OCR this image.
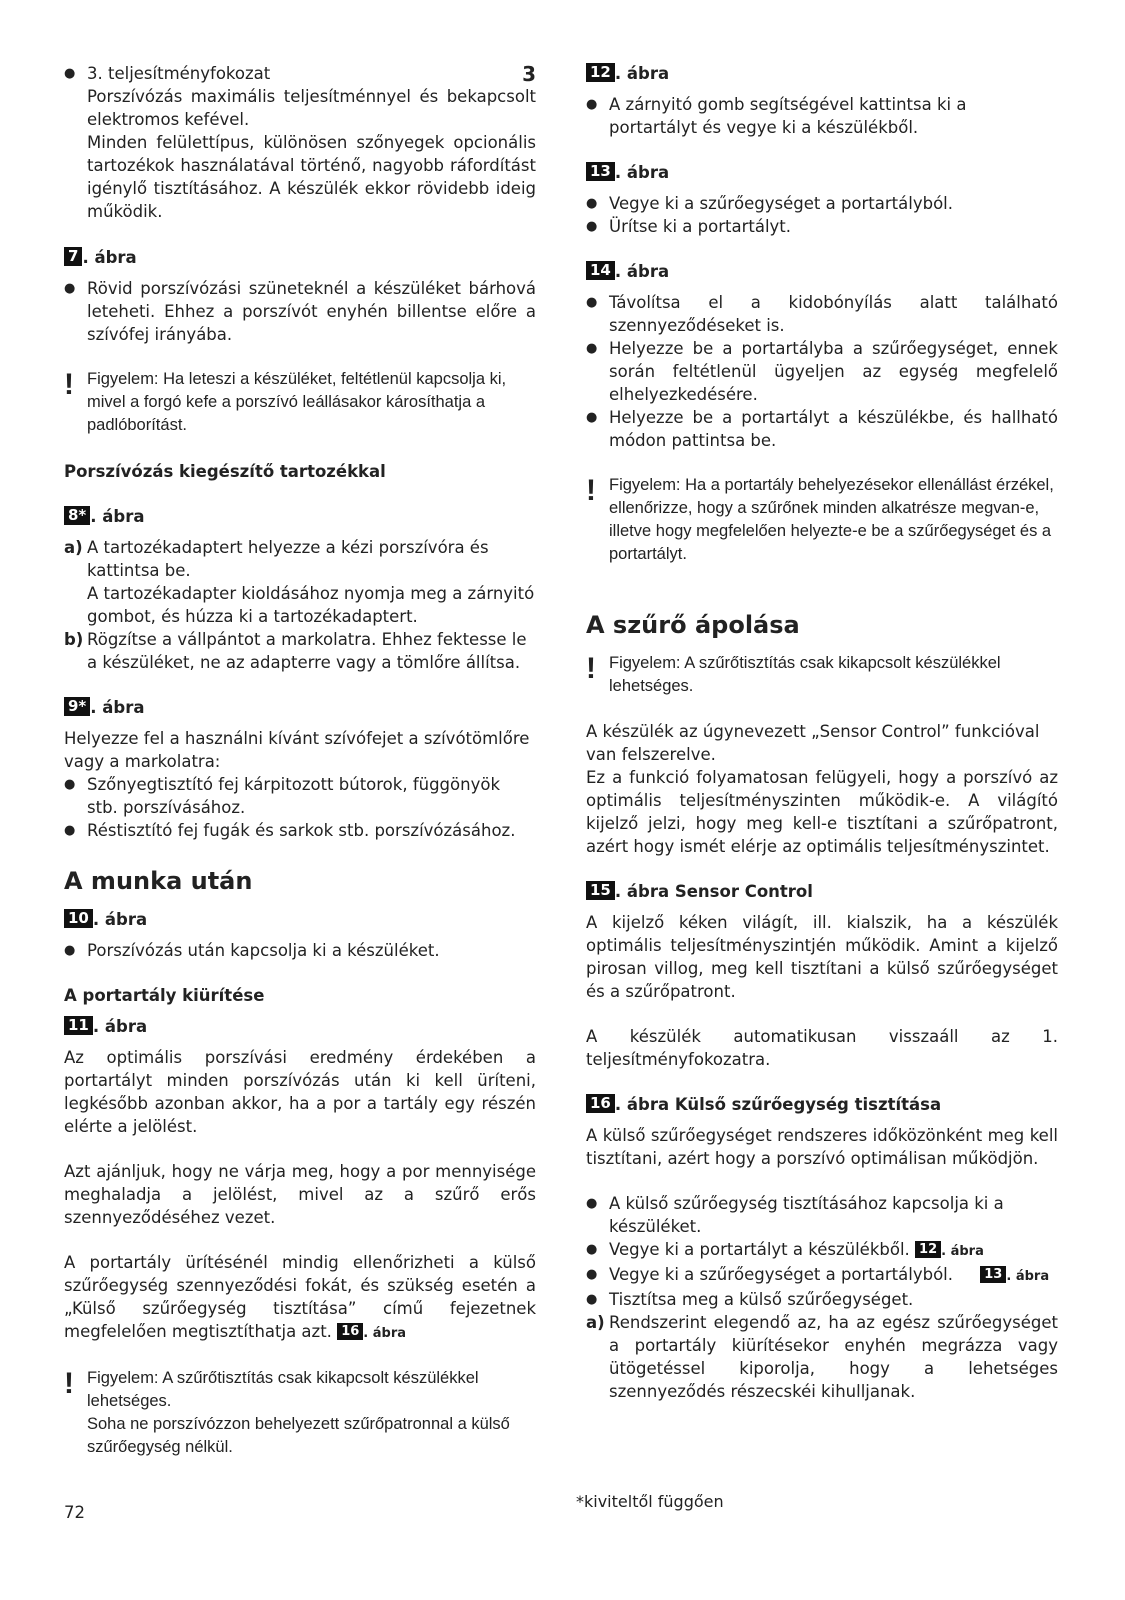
● 3. teljesítményfokozat

Porszívózás maximális teljesítménnyel és bekapcsolt elektromos kefével.

Minden felülettípus, különösen szőnyegek opcionális tartozékok használatával történő, nagyobb ráfordítást igénylő tisztításához. A készülék ekkor rövidebb ideig működik.

3

7 . ábra

● Rövid porszívózási szüneteknél a készüléket bárhová leteheti. Ehhez a porszívót enyhén billentse előre a szívófej irányába.
! Figyelem: Ha leteszi a készüléket, feltétlenül kapcsolja ki, mivel a forgó kefe a porszívó leállásakor károsíthatja a padlóborítást.

Porszívózás kiegészítő tartozékkal

8* . ábra

a) A tartozékadaptert helyezze a kézi porszívóra és kattintsa be.
A tartozékadapter kioldásához nyomja meg a zárnyitó gombot, és húzza ki a tartozékadaptert.
b) Rögzítse a vállpántot a markolatra. Ehhez fektesse le a készüléket, ne az adapterre vagy a tömlőre állítsa.

9* . ábra

Helyezze fel a használni kívánt szívófejet a szívótömlőre vagy a markolatra:

● Szőnyegtisztító fej kárpitozott bútorok, függönyök stb. porszívásához.
● Réstisztító fej fugák és sarkok stb. porszívózásához.

A munka után

10 . ábra

● Porszívózás után kapcsolja ki a készüléket.

A portartály kiürítése

11 . ábra

Az optimális porszívási eredmény érdekében a portartályt minden porszívózás után ki kell üríteni, legkésőbb azonban akkor, ha a por a tartály egy részén elérte a jelölést.

Azt ajánljuk, hogy ne várja meg, hogy a por mennyisége meghaladja a jelölést, mivel az a szűrő erős szennyeződéséhez vezet.

A portartály ürítésénél mindig ellenőrizheti a külső szűrőegység szennyeződési fokát, és szükség esetén a „Külső szűrőegység tisztítása” című fejezetnek megfelelően megtisztíthatja azt. 16 . ábra

! Figyelem: A szűrőtisztítás csak kikapcsolt készülékkel lehetséges.
Soha ne porszívózzon behelyezett szűrőpatronnal a külső szűrőegység nélkül.

12 . ábra

● A zárnyitó gomb segítségével kattintsa ki a portartályt és vegye ki a készülékből.

13 . ábra

● Vegye ki a szűrőegységet a portartályból.
● Ürítse ki a portartályt.

14 . ábra

● Távolítsa el a kidobónyílás alatt található szennyeződéseket is.
● Helyezze be a portartályba a szűrőegységet, ennek során feltétlenül ügyeljen az egység megfelelő elhelyezkedésére.
● Helyezze be a portartályt a készülékbe, és hallható módon pattintsa be.
! Figyelem: Ha a portartály behelyezésekor ellenállást érzékel, ellenőrizze, hogy a szűrőnek minden alkatrésze megvan-e, illetve hogy megfelelően helyezte-e be a szűrőegységet és a portartályt.

A szűrő ápolása

! Figyelem: A szűrőtisztítás csak kikapcsolt készülékkel lehetséges.

A készülék az úgynevezett „Sensor Control” funkcióval van felszerelve.

Ez a funkció folyamatosan felügyeli, hogy a porszívó az optimális teljesítményszinten működik-e. A világító kijelző jelzi, hogy meg kell-e tisztítani a szűrőpatront, azért hogy ismét elérje az optimális teljesítményszintet.

15 . ábra Sensor Control

A kijelző kéken világít, ill. kialszik, ha a készülék optimális teljesítményszintjén működik. Amint a kijelző pirosan villog, meg kell tisztítani a külső szűrőegységet és a szűrőpatront.

A készülék automatikusan visszaáll az 1. teljesítményfokozatra.

16 . ábra Külső szűrőegység tisztítása

A külső szűrőegységet rendszeres időközönként meg kell tisztítani, azért hogy a porszívó optimálisan működjön.

● A külső szűrőegység tisztításához kapcsolja ki a készüléket.
● Vegye ki a portartályt a készülékből. 12 . ábra
● Vegye ki a szűrőegységet a portartályból. 13 . ábra
● Tisztítsa meg a külső szűrőegységet.
a) Rendszerint elegendő az, ha az egész szűrőegységet a portartály kiürítésekor enyhén megrázza vagy ütögetéssel kiporolja, hogy a lehetséges szennyeződés részecskéi kihulljanak.
72
*kiviteltől függően
